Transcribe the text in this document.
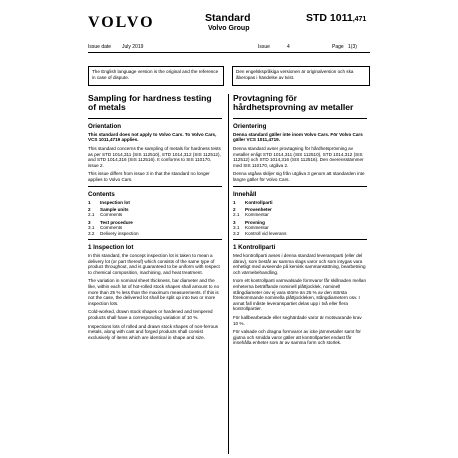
VOLVO	Standard
Volvo Group
STD 1011,471
Issue date July 2019	Issue	4	Page 1(3)
The English language version is the original and the reference in case of dispute.
Den engelskspråkiga versionen är originalversion och ska åberopas i händelse av tvist.
Sampling for hardness testing of metals
Orientation
This standard does not apply to Volvo Cars. To Volvo Cars, VCS 1011,4719 applies.
This standard concerns the sampling of metals for hardness tests as per STD 1014,311 (SIS 112510), STD 1014,312 (SIS 112512), and STD 1014,316 (SIS 112516). It conforms to SIS 110170, issue 2.
This issue differs from issue 3 in that the standard no longer applies to Volvo Cars.
Contents
1	Inspection lot
2	Sample units
2.1	Comments
3	Test procedure
3.1	Comments
3.2	Delivery inspection
1 Inspection lot
In this standard, the concept inspection lot is taken to mean a delivery lot (or part thereof) which consists of the same type of product throughout, and is guaranteed to be uniform with respect to chemical composition, machining, and heat treatment.
The variation in nominal sheet thickness, bar diameter and the like, within each lot of hot-rolled stock shapes shall amount to no more than 25 % less than the maximum measurements. If this is not the case, the delivered lot shall be split up into two or more inspection lots.
Cold-worked, drawn stock shapes or hardened and tempered products shall have a corresponding variation of 10 %.
Inspections lots of rolled and drawn stock shapes of non-ferrous metals, along with cast and forged products shall consist exclusively of items which are identical in shape and size.
Provtagning för hårdhetsprovning av metaller
Orientering
Denna standard gäller inte inom Volvo Cars. För Volvo Cars gäller VCS 1011,4719.
Denna standard avser provtagning för hårdhetsprövning av metaller enligt STD 1014,311 (SIS 112510), STD 1014,312 (SIS 112512) och STD 1014,316 (SIS 112516). Den överensstämmer med SIS 110170, utgåva 2.
Denna utgåva skiljer sig från utgåva 3 genom att standarden inte längre gäller för Volvo Cars.
Innehåll
1	Kontrollparti
2	Provenheter
2.1	Kommentar
3	Provning
3.1	Kommentar
3.2	Kontroll vid leverans
1 Kontrollparti
Med kontrollparti avses i denna standard leveransparti (eller del därav), som består av samma slags varor och som intygas vara enhetligt med avseende på kemisk sammansättning, bearbetning och värmebehandling.
Inom ett kontrollparti varmvalsade formvaror får skillnaden mellan enheterna beträffande nominell plåttjocklek, nominell stångdiameter osv ej vara större än 25 % av den största förekommande nominella plåttjockleken, stångdiametern osv. I annat fall måste leveranspartiet delas upp i två eller flera kontrollpartier.
För kallbearbetade eller seghärdade varor är motsvarande krav 10 %.
För valsade och dragna formvaror av icke järnmetaller samt för gjutna och smidda varor gäller att kontrollpartiet endast får innehålla enheter som är av samma form och storlek.
